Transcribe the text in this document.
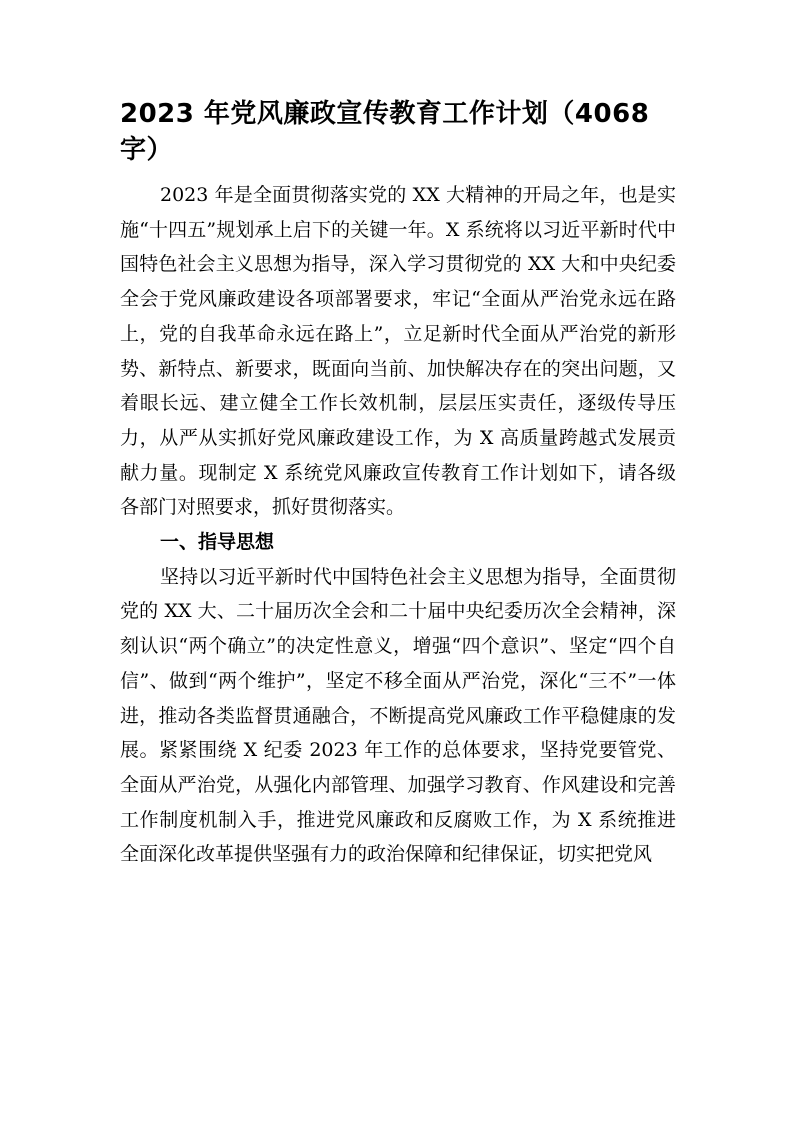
2023 年党风廉政宣传教育工作计划（4068字）

2023 年是全面贯彻落实党的 XX 大精神的开局之年，也是实施“十四五”规划承上启下的关键一年。X 系统将以习近平新时代中国特色社会主义思想为指导，深入学习贯彻党的 XX 大和中央纪委全会于党风廉政建设各项部署要求，牢记“全面从严治党永远在路上，党的自我革命永远在路上”，立足新时代全面从严治党的新形势、新特点、新要求，既面向当前、加快解决存在的突出问题，又着眼长远、建立健全工作长效机制，层层压实责任，逐级传导压力，从严从实抓好党风廉政建设工作，为 X 高质量跨越式发展贡献力量。现制定 X 系统党风廉政宣传教育工作计划如下，请各级各部门对照要求，抓好贯彻落实。

一、指导思想

坚持以习近平新时代中国特色社会主义思想为指导，全面贯彻党的 XX 大、二十届历次全会和二十届中央纪委历次全会精神，深刻认识“两个确立”的决定性意义，增强“四个意识”、坚定“四个自信”、做到“两个维护”，坚定不移全面从严治党，深化“三不”一体进，推动各类监督贯通融合，不断提高党风廉政工作平稳健康的发展。紧紧围绕 X 纪委 2023 年工作的总体要求，坚持党要管党、全面从严治党，从强化内部管理、加强学习教育、作风建设和完善工作制度机制入手，推进党风廉政和反腐败工作，为 X 系统推进全面深化改革提供坚强有力的政治保障和纪律保证，切实把党风
